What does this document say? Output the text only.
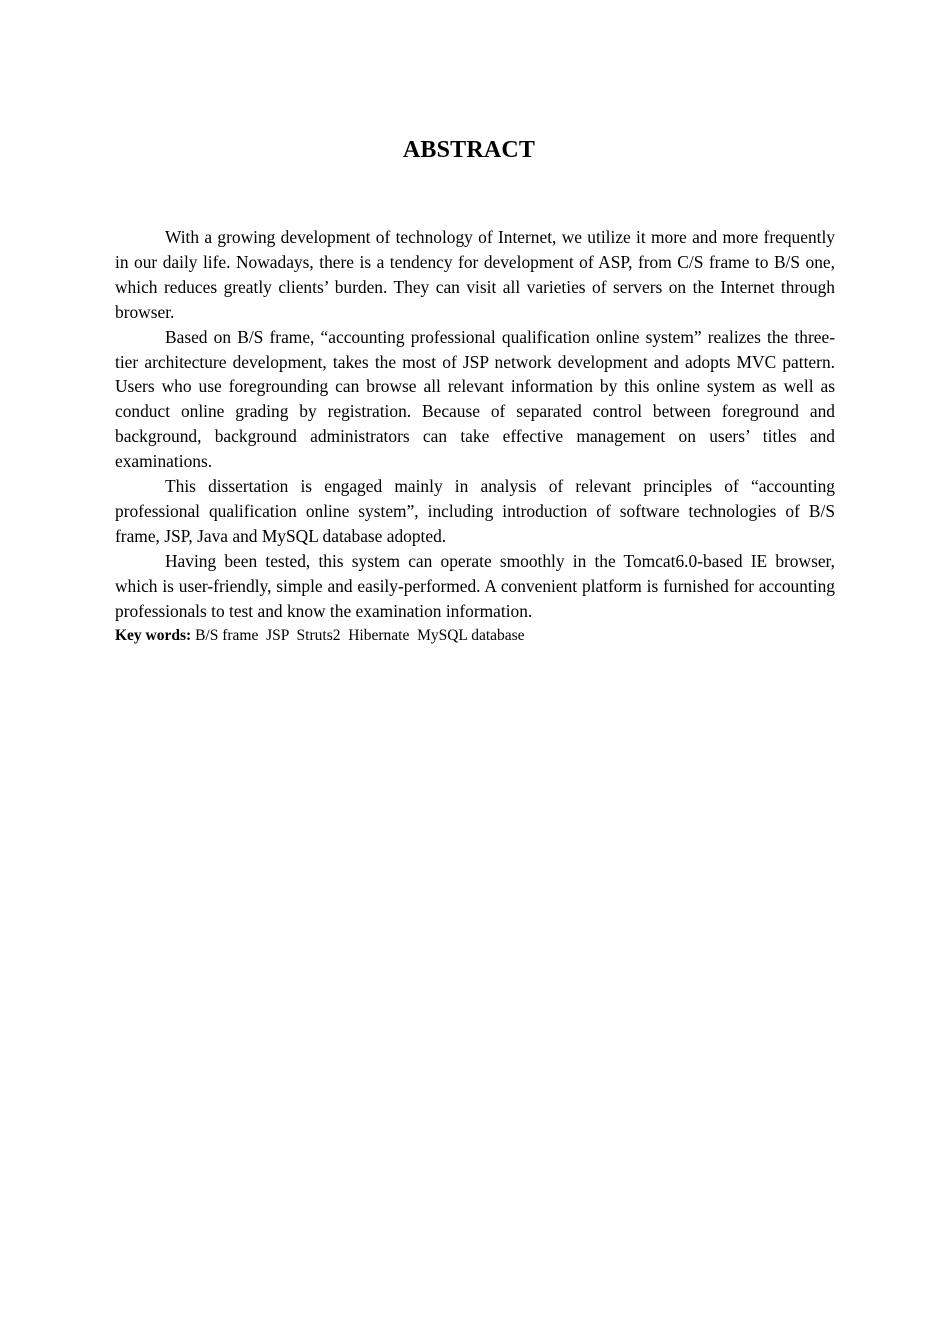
ABSTRACT

With a growing development of technology of Internet, we utilize it more and more frequently in our daily life. Nowadays, there is a tendency for development of ASP, from C/S frame to B/S one, which reduces greatly clients’ burden. They can visit all varieties of servers on the Internet through browser.

Based on B/S frame, “accounting professional qualification online system” realizes the three-tier architecture development, takes the most of JSP network development and adopts MVC pattern. Users who use foregrounding can browse all relevant information by this online system as well as conduct online grading by registration. Because of separated control between foreground and background, background administrators can take effective management on users’ titles and examinations.

This dissertation is engaged mainly in analysis of relevant principles of “accounting professional qualification online system”, including introduction of software technologies of B/S frame, JSP, Java and MySQL database adopted.

Having been tested, this system can operate smoothly in the Tomcat6.0-based IE browser, which is user-friendly, simple and easily-performed. A convenient platform is furnished for accounting professionals to test and know the examination information.

Key words: B/S frame  JSP  Struts2  Hibernate  MySQL database
